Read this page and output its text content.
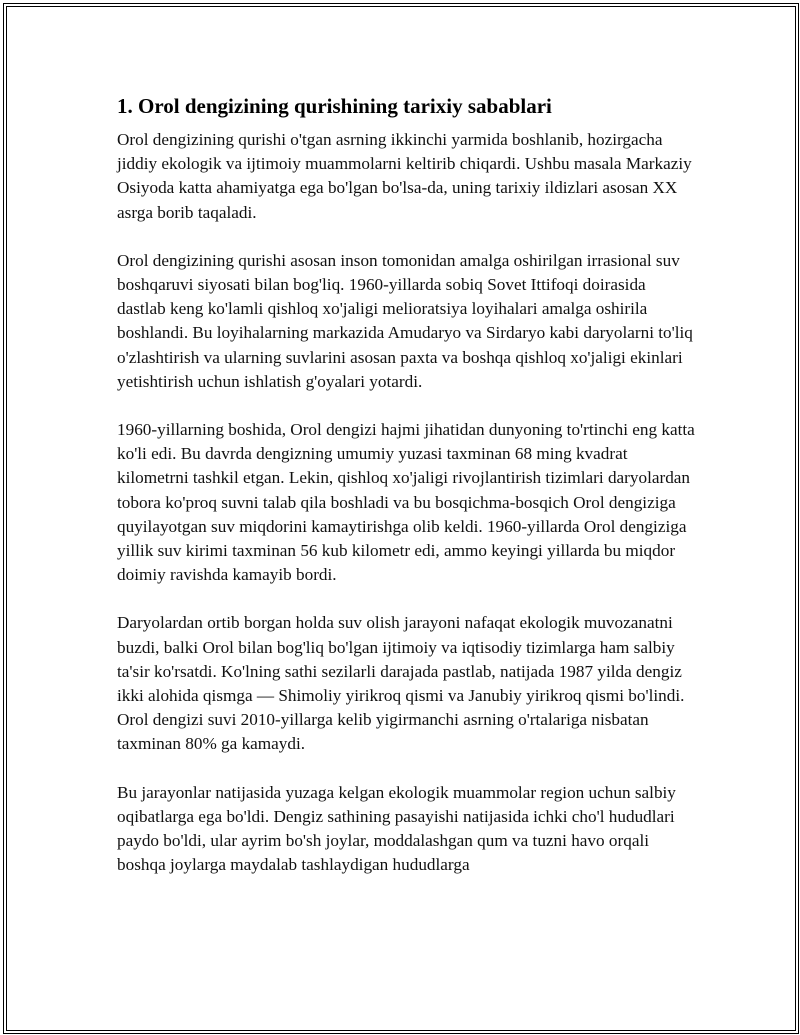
1. Orol dengizining qurishining tarixiy sabablari

Orol dengizining qurishi o'tgan asrning ikkinchi yarmida boshlanib, hozirgacha jiddiy ekologik va ijtimoiy muammolarni keltirib chiqardi. Ushbu masala Markaziy Osiyoda katta ahamiyatga ega bo'lgan bo'lsa-da, uning tarixiy ildizlari asosan XX asrga borib taqaladi.

Orol dengizining qurishi asosan inson tomonidan amalga oshirilgan irrasional suv boshqaruvi siyosati bilan bog'liq. 1960-yillarda sobiq Sovet Ittifoqi doirasida dastlab keng ko'lamli qishloq xo'jaligi melioratsiya loyihalari amalga oshirila boshlandi. Bu loyihalarning markazida Amudaryo va Sirdaryo kabi daryolarni to'liq o'zlashtirish va ularning suvlarini asosan paxta va boshqa qishloq xo'jaligi ekinlari yetishtirish uchun ishlatish g'oyalari yotardi.

1960-yillarning boshida, Orol dengizi hajmi jihatidan dunyoning to'rtinchi eng katta ko'li edi. Bu davrda dengizning umumiy yuzasi taxminan 68 ming kvadrat kilometrni tashkil etgan. Lekin, qishloq xo'jaligi rivojlantirish tizimlari daryolardan tobora ko'proq suvni talab qila boshladi va bu bosqichma-bosqich Orol dengiziga quyilayotgan suv miqdorini kamaytirishga olib keldi. 1960-yillarda Orol dengiziga yillik suv kirimi taxminan 56 kub kilometr edi, ammo keyingi yillarda bu miqdor doimiy ravishda kamayib bordi.

Daryolardan ortib borgan holda suv olish jarayoni nafaqat ekologik muvozanatni buzdi, balki Orol bilan bog'liq bo'lgan ijtimoiy va iqtisodiy tizimlarga ham salbiy ta'sir ko'rsatdi. Ko'lning sathi sezilarli darajada pastlab, natijada 1987 yilda dengiz ikki alohida qismga — Shimoliy yirikroq qismi va Janubiy yirikroq qismi bo'lindi. Orol dengizi suvi 2010-yillarga kelib yigirmanchi asrning o'rtalariga nisbatan taxminan 80% ga kamaydi.

Bu jarayonlar natijasida yuzaga kelgan ekologik muammolar region uchun salbiy oqibatlarga ega bo'ldi. Dengiz sathining pasayishi natijasida ichki cho'l hududlari paydo bo'ldi, ular ayrim bo'sh joylar, moddalashgan qum va tuzni havo orqali boshqa joylarga maydalab tashlaydigan hududlarga
